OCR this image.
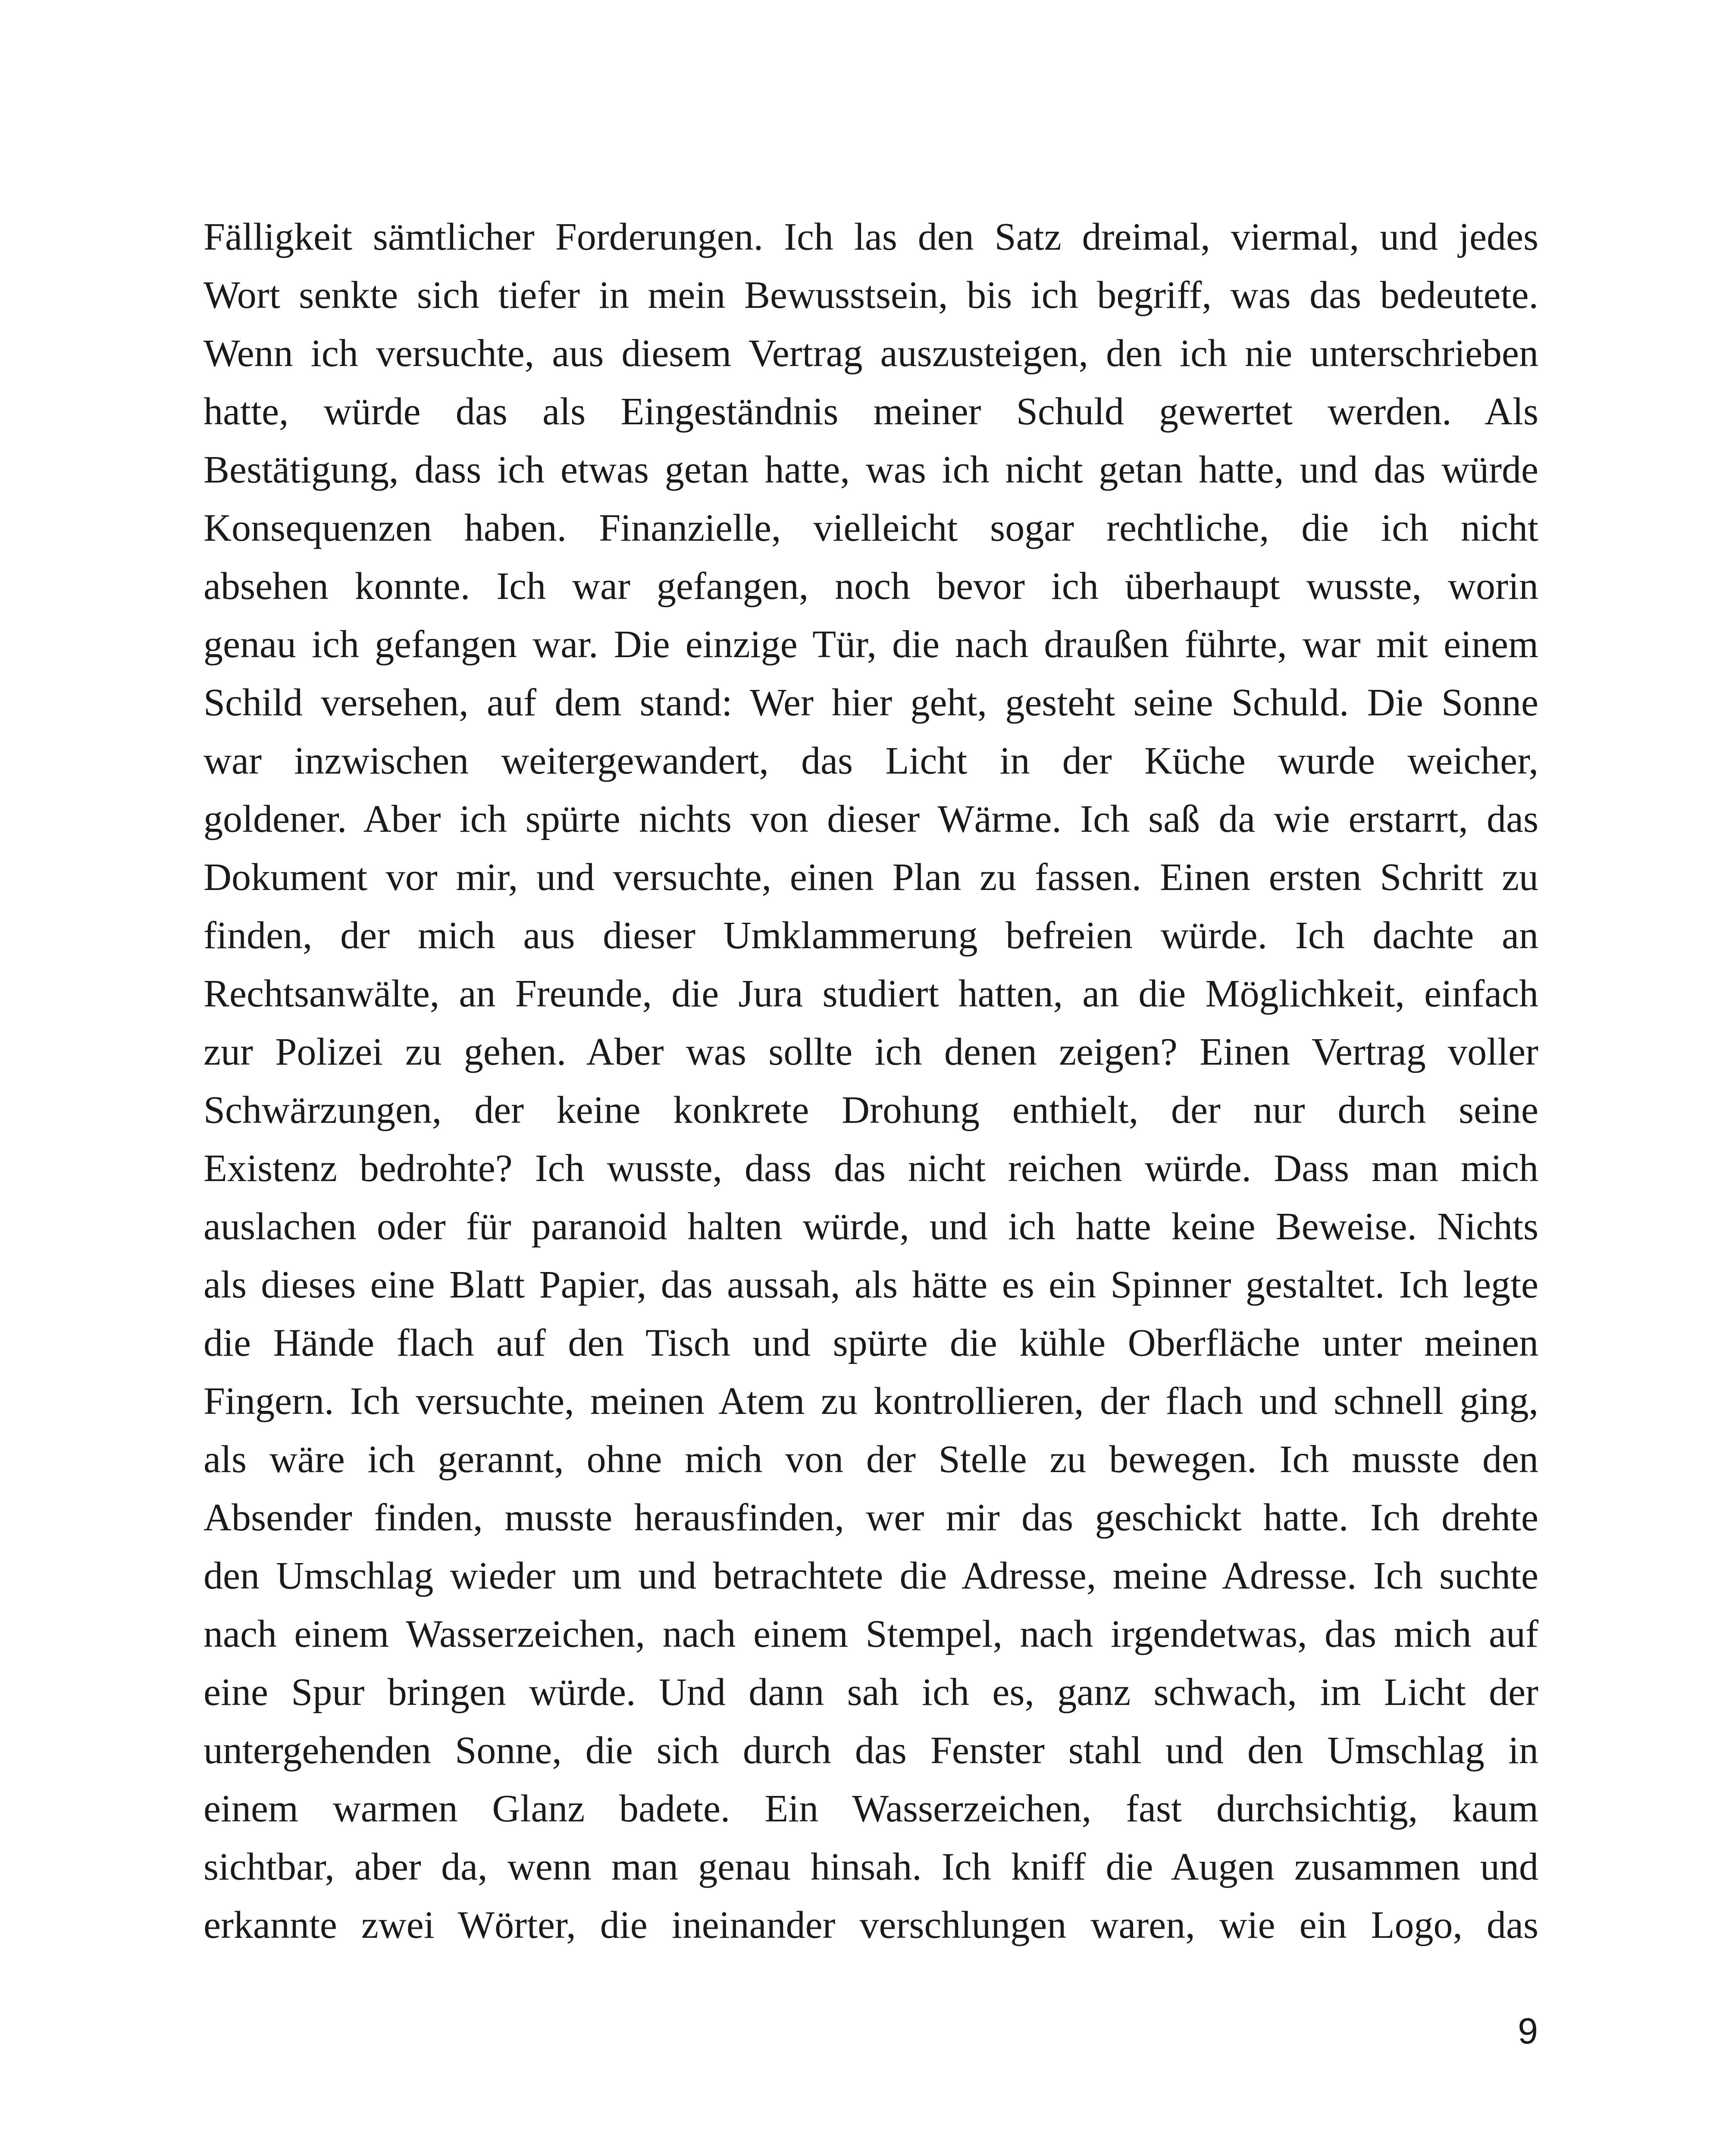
Fälligkeit sämtlicher Forderungen. Ich las den Satz dreimal, viermal, und jedes
Wort senkte sich tiefer in mein Bewusstsein, bis ich begriff, was das bedeutete.
Wenn ich versuchte, aus diesem Vertrag auszusteigen, den ich nie unterschrieben
hatte, würde das als Eingeständnis meiner Schuld gewertet werden. Als
Bestätigung, dass ich etwas getan hatte, was ich nicht getan hatte, und das würde
Konsequenzen haben. Finanzielle, vielleicht sogar rechtliche, die ich nicht
absehen konnte. Ich war gefangen, noch bevor ich überhaupt wusste, worin
genau ich gefangen war. Die einzige Tür, die nach draußen führte, war mit einem
Schild versehen, auf dem stand: Wer hier geht, gesteht seine Schuld. Die Sonne
war inzwischen weitergewandert, das Licht in der Küche wurde weicher,
goldener. Aber ich spürte nichts von dieser Wärme. Ich saß da wie erstarrt, das
Dokument vor mir, und versuchte, einen Plan zu fassen. Einen ersten Schritt zu
finden, der mich aus dieser Umklammerung befreien würde. Ich dachte an
Rechtsanwälte, an Freunde, die Jura studiert hatten, an die Möglichkeit, einfach
zur Polizei zu gehen. Aber was sollte ich denen zeigen? Einen Vertrag voller
Schwärzungen, der keine konkrete Drohung enthielt, der nur durch seine
Existenz bedrohte? Ich wusste, dass das nicht reichen würde. Dass man mich
auslachen oder für paranoid halten würde, und ich hatte keine Beweise. Nichts
als dieses eine Blatt Papier, das aussah, als hätte es ein Spinner gestaltet. Ich legte
die Hände flach auf den Tisch und spürte die kühle Oberfläche unter meinen
Fingern. Ich versuchte, meinen Atem zu kontrollieren, der flach und schnell ging,
als wäre ich gerannt, ohne mich von der Stelle zu bewegen. Ich musste den
Absender finden, musste herausfinden, wer mir das geschickt hatte. Ich drehte
den Umschlag wieder um und betrachtete die Adresse, meine Adresse. Ich suchte
nach einem Wasserzeichen, nach einem Stempel, nach irgendetwas, das mich auf
eine Spur bringen würde. Und dann sah ich es, ganz schwach, im Licht der
untergehenden Sonne, die sich durch das Fenster stahl und den Umschlag in
einem warmen Glanz badete. Ein Wasserzeichen, fast durchsichtig, kaum
sichtbar, aber da, wenn man genau hinsah. Ich kniff die Augen zusammen und
erkannte zwei Wörter, die ineinander verschlungen waren, wie ein Logo, das
9
